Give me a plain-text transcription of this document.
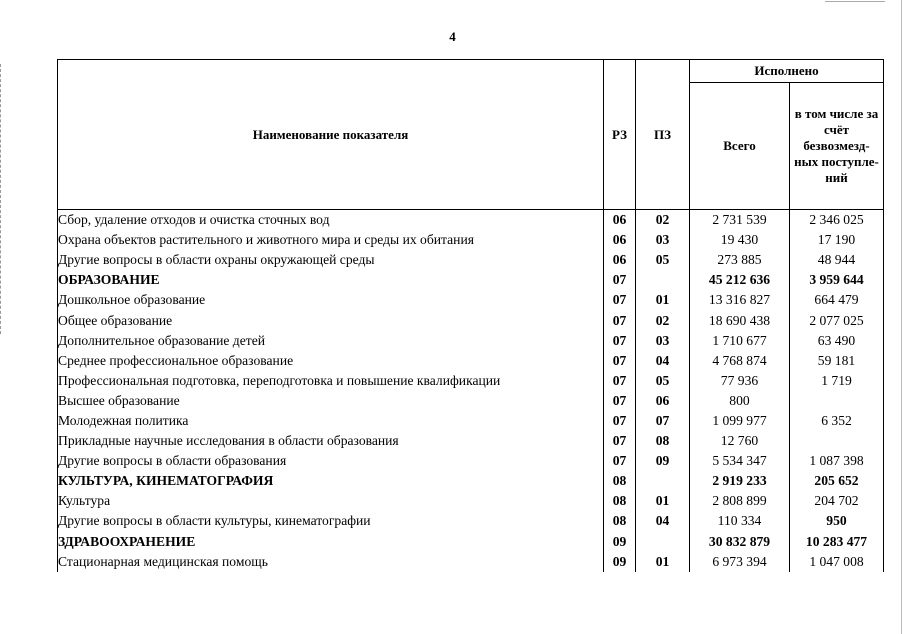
4
Наименование показателя	РЗ	ПЗ	Исполнено	
			Всего	в том числе за счёт безвозмезд- ных поступле- ний
Сбор, удаление отходов и очистка сточных вод	06	02	2 731 539	2 346 025
Охрана объектов растительного и животного мира и среды их обитания	06	03	19 430	17 190
Другие вопросы в области охраны окружающей среды	06	05	273 885	48 944
ОБРАЗОВАНИЕ	07		45 212 636	3 959 644
Дошкольное образование	07	01	13 316 827	664 479
Общее образование	07	02	18 690 438	2 077 025
Дополнительное образование детей	07	03	1 710 677	63 490
Среднее профессиональное образование	07	04	4 768 874	59 181
Профессиональная подготовка, переподготовка и повышение квалификации	07	05	77 936	1 719
Высшее образование	07	06	800	
Молодежная политика	07	07	1 099 977	6 352
Прикладные научные исследования в области образования	07	08	12 760	
Другие вопросы в области образования	07	09	5 534 347	1 087 398
КУЛЬТУРА, КИНЕМАТОГРАФИЯ	08		2 919 233	205 652
Культура	08	01	2 808 899	204 702
Другие вопросы в области культуры, кинематографии	08	04	110 334	950
ЗДРАВООХРАНЕНИЕ	09		30 832 879	10 283 477
Стационарная медицинская помощь	09	01	6 973 394	1 047 008
